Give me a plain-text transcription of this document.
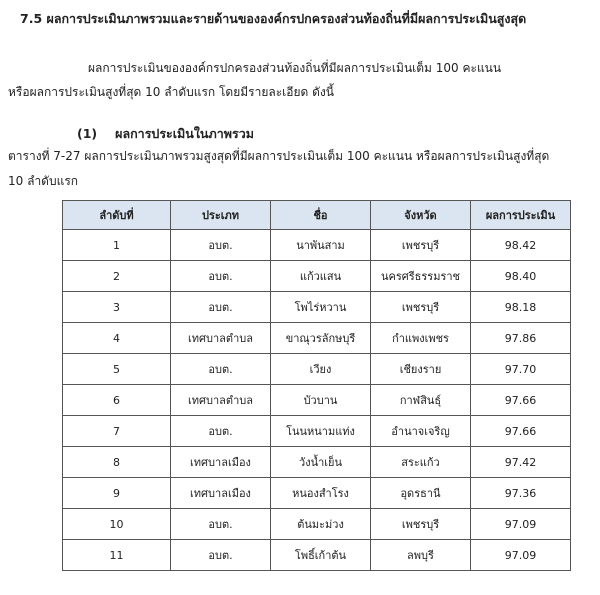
7.5 ผลการประเมินภาพรวมและรายด้านขององค์กรปกครองส่วนท้องถิ่นที่มีผลการประเมินสูงสุด
ผลการประเมินขององค์กรปกครองส่วนท้องถิ่นที่มีผลการประเมินเต็ม 100 คะแนน
หรือผลการประเมินสูงที่สุด 10 ลำดับแรก โดยมีรายละเอียด ดังนี้
(1) ผลการประเมินในภาพรวม
ตารางที่ 7-27 ผลการประเมินภาพรวมสูงสุดที่มีผลการประเมินเต็ม 100 คะแนน หรือผลการประเมินสูงที่สุด
10 ลำดับแรก
ลำดับที่	ประเภท	ชื่อ	จังหวัด	ผลการประเมิน
1	อบต.	นาพันสาม	เพชรบุรี	98.42
2	อบต.	แก้วแสน	นครศรีธรรมราช	98.40
3	อบต.	โพไร่หวาน	เพชรบุรี	98.18
4	เทศบาลตำบล	ขาณุวรลักษบุรี	กำแพงเพชร	97.86
5	อบต.	เวียง	เชียงราย	97.70
6	เทศบาลตำบล	บัวบาน	กาฬสินธุ์	97.66
7	อบต.	โนนหนามแท่ง	อำนาจเจริญ	97.66
8	เทศบาลเมือง	วังน้ำเย็น	สระแก้ว	97.42
9	เทศบาลเมือง	หนองสำโรง	อุดรธานี	97.36
10	อบต.	ต้นมะม่วง	เพชรบุรี	97.09
11	อบต.	โพธิ์เก้าต้น	ลพบุรี	97.09
